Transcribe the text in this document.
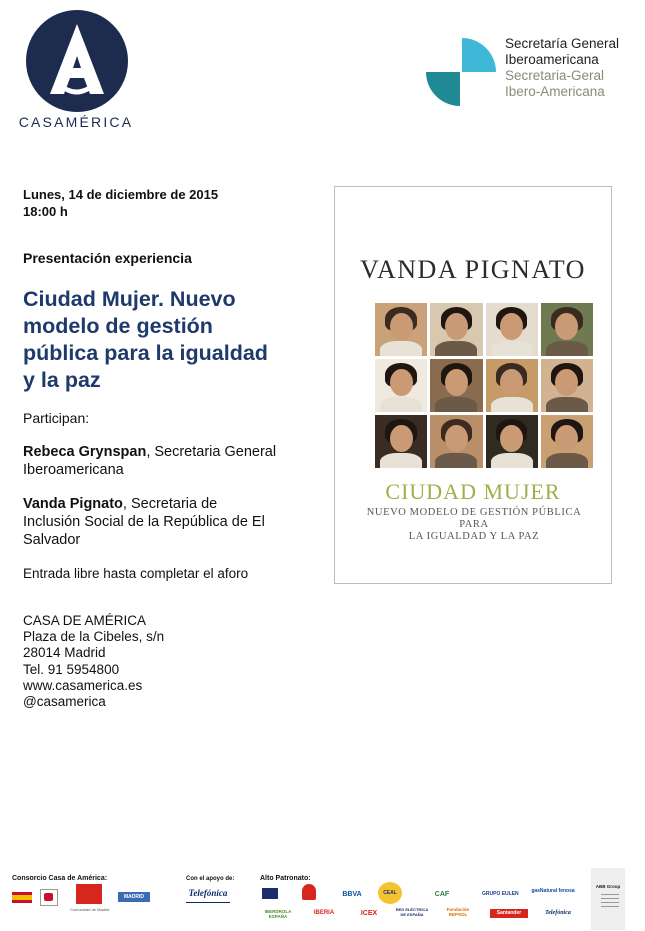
CASAMÉRICA
Secretaría General
Iberoamericana
Secretaria-Geral
Ibero-Americana
Lunes, 14 de diciembre de 2015
18:00 h
Presentación experiencia
Ciudad Mujer. Nuevo
modelo de gestión
pública para la igualdad
y la paz
Participan:
Rebeca Grynspan, Secretaria General
Iberoamericana
Vanda Pignato, Secretaria de
Inclusión Social de la República de El
Salvador
Entrada libre hasta completar el aforo
CASA DE AMÉRICA
Plaza de la Cibeles, s/n
28014 Madrid
Tel. 91 5954800
www.casamerica.es
@casamerica
VANDA PIGNATO
CIUDAD MUJER
NUEVO MODELO DE GESTIÓN PÚBLICA PARA
LA IGUALDAD Y LA PAZ
Consorcio Casa de América:	Con el apoyo de:	Alto Patronato:
Comunidad de Madrid
MADRID	Telefónica	BBVA	CEAL	CAF	GRUPO EULEN	gasNatural fenosa
IBERDROLA ESPAÑA
IBERIA	ICEX
RED ELÉCTRICA DE ESPAÑA
Fundación REPSOL	Santander	Telefónica
ABB Group
